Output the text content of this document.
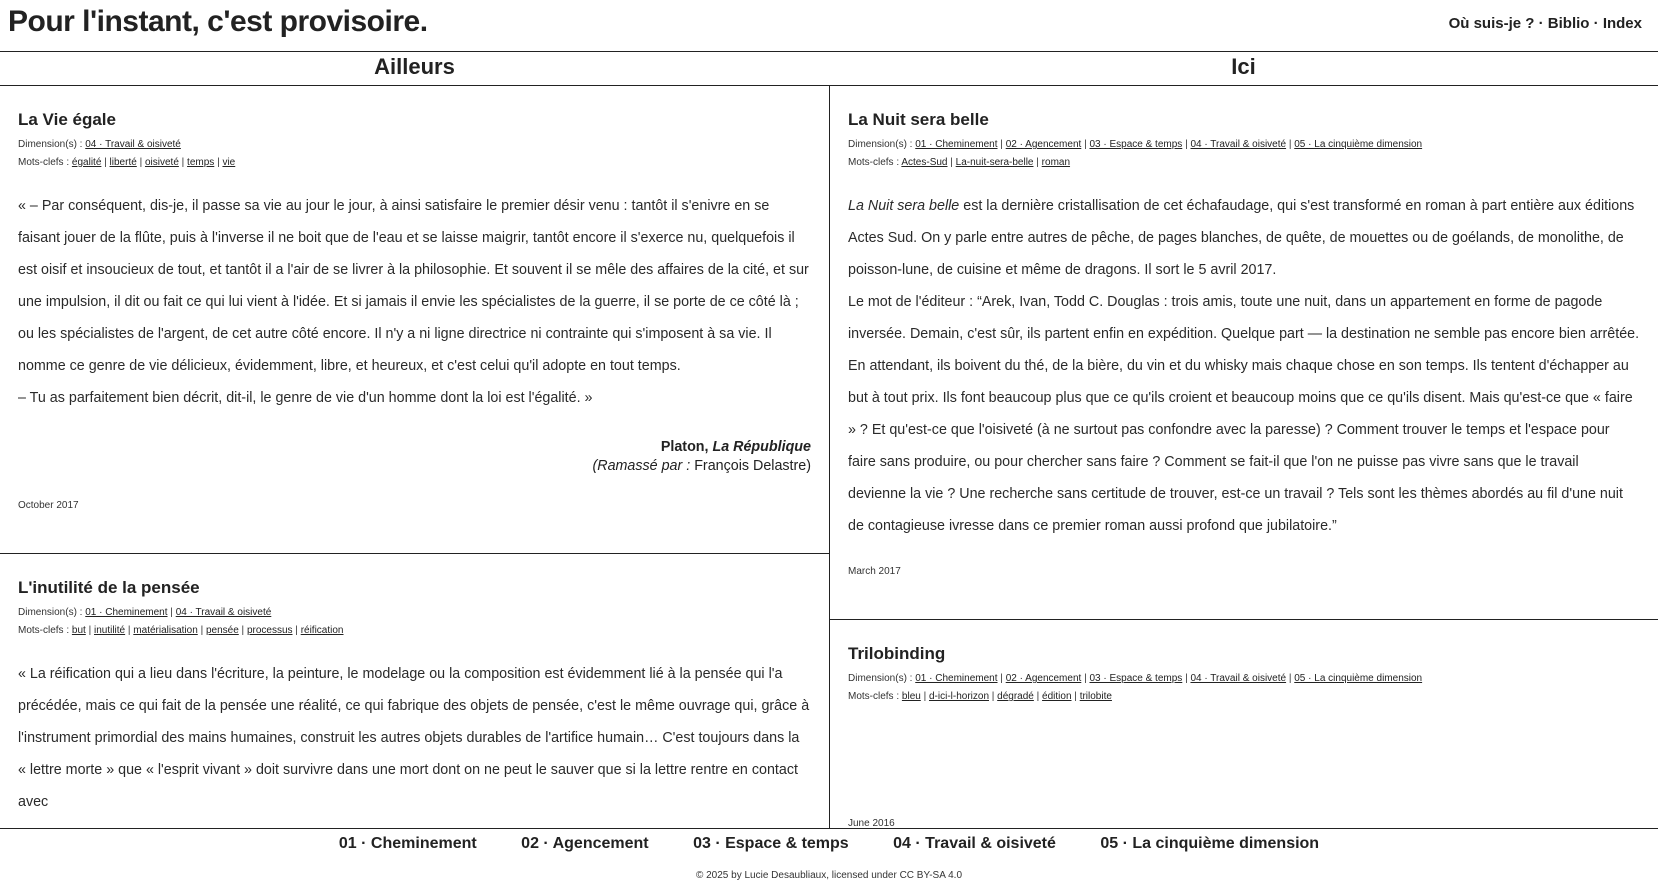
Pour l'instant, c'est provisoire.	Où suis-je ? · Biblio · Index
Ailleurs	Ici
La Vie égale
Dimension(s) : 04 · Travail & oisiveté
Mots-clefs : égalité | liberté | oisiveté | temps | vie

« – Par conséquent, dis-je, il passe sa vie au jour le jour, à ainsi satisfaire le premier désir venu : tantôt il s'enivre en se faisant jouer de la flûte, puis à l'inverse il ne boit que de l'eau et se laisse maigrir, tantôt encore il s'exerce nu, quelquefois il est oisif et insoucieux de tout, et tantôt il a l'air de se livrer à la philosophie. Et souvent il se mêle des affaires de la cité, et sur une impulsion, il dit ou fait ce qui lui vient à l'idée. Et si jamais il envie les spécialistes de la guerre, il se porte de ce côté là ; ou les spécialistes de l'argent, de cet autre côté encore. Il n'y a ni ligne directrice ni contrainte qui s'imposent à sa vie. Il nomme ce genre de vie délicieux, évidemment, libre, et heureux, et c'est celui qu'il adopte en tout temps.

– Tu as parfaitement bien décrit, dit-il, le genre de vie d'un homme dont la loi est l'égalité. »

Platon, La République
(Ramassé par : François Delastre)
October 2017
L'inutilité de la pensée
Dimension(s) : 01 · Cheminement | 04 · Travail & oisiveté
Mots-clefs : but | inutilité | matérialisation | pensée | processus | réification

« La réification qui a lieu dans l'écriture, la peinture, le modelage ou la composition est évidemment lié à la pensée qui l'a précédée, mais ce qui fait de la pensée une réalité, ce qui fabrique des objets de pensée, c'est le même ouvrage qui, grâce à l'instrument primordial des mains humaines, construit les autres objets durables de l'artifice humain… C'est toujours dans la « lettre morte » que « l'esprit vivant » doit survivre dans une mort dont on ne peut le sauver que si la lettre rentre en contact avec

La Nuit sera belle
Dimension(s) : 01 · Cheminement | 02 · Agencement | 03 · Espace & temps | 04 · Travail & oisiveté | 05 · La cinquième dimension
Mots-clefs : Actes-Sud | La-nuit-sera-belle | roman

La Nuit sera belle est la dernière cristallisation de cet échafaudage, qui s'est transformé en roman à part entière aux éditions Actes Sud. On y parle entre autres de pêche, de pages blanches, de quête, de mouettes ou de goélands, de monolithe, de poisson-lune, de cuisine et même de dragons. Il sort le 5 avril 2017.

Le mot de l'éditeur : “Arek, Ivan, Todd C. Douglas : trois amis, toute une nuit, dans un appartement en forme de pagode inversée. Demain, c'est sûr, ils partent enfin en expédition. Quelque part — la destination ne semble pas encore bien arrêtée. En attendant, ils boivent du thé, de la bière, du vin et du whisky mais chaque chose en son temps. Ils tentent d'échapper au but à tout prix. Ils font beaucoup plus que ce qu'ils croient et beaucoup moins que ce qu'ils disent. Mais qu'est-ce que « faire » ? Et qu'est-ce que l'oisiveté (à ne surtout pas confondre avec la paresse) ? Comment trouver le temps et l'espace pour faire sans produire, ou pour chercher sans faire ? Comment se fait-il que l'on ne puisse pas vivre sans que le travail devienne la vie ? Une recherche sans certitude de trouver, est-ce un travail ? Tels sont les thèmes abordés au fil d'une nuit de contagieuse ivresse dans ce premier roman aussi profond que jubilatoire.”

March 2017
Trilobinding
Dimension(s) : 01 · Cheminement | 02 · Agencement | 03 · Espace & temps | 04 · Travail & oisiveté | 05 · La cinquième dimension
Mots-clefs : bleu | d-ici-l-horizon | dégradé | édition | trilobite
June 2016
01 · Cheminement	02 · Agencement	03 · Espace & temps	04 · Travail & oisiveté	05 · La cinquième dimension
© 2025 by Lucie Desaubliaux, licensed under CC BY-SA 4.0
